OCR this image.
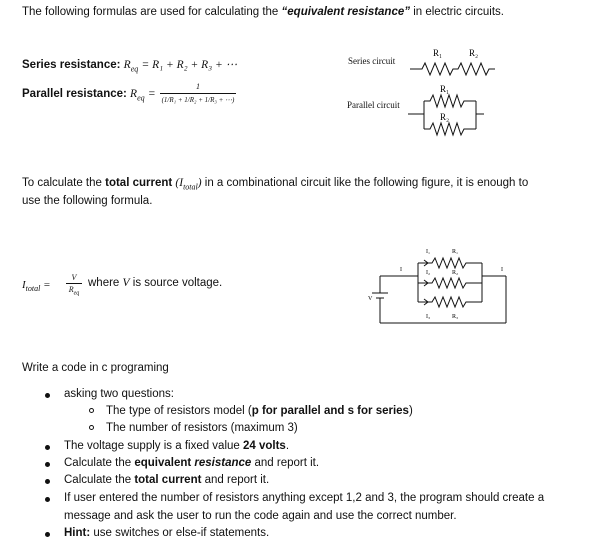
The following formulas are used for calculating the “equivalent resistance” in electric circuits.
Series resistance: $R_{eq} = R_1 + R_2 + R_3$ + ⋯
Parallel resistance: $R_{eq} = \frac{1}{\text{(1/R₁ + 1/R₂ + 1/R₃ + ⋯)}}$
Series circuit
Parallel circuit
R₁	R₂
R₁
R₂
To calculate the total current $(I_{total})$ in a combinational circuit like the following figure, it is enough to
use the following formula.
$I_{total}$ =
V
$R_{eq}$
where V is source voltage.
I₁	R₁
I₂	R₂
I₃	R₃
I	I
V
Write a code in c programing
asking two questions:
The type of resistors model (p for parallel and s for series)
The number of resistors (maximum 3)
The voltage supply is a fixed value 24 volts.
Calculate the equivalent resistance and report it.
Calculate the total current and report it.
If user entered the number of resistors anything except 1,2 and 3, the program should create a
message and ask the user to run the code again and use the correct number.
Hint: use switches or else-if statements.
